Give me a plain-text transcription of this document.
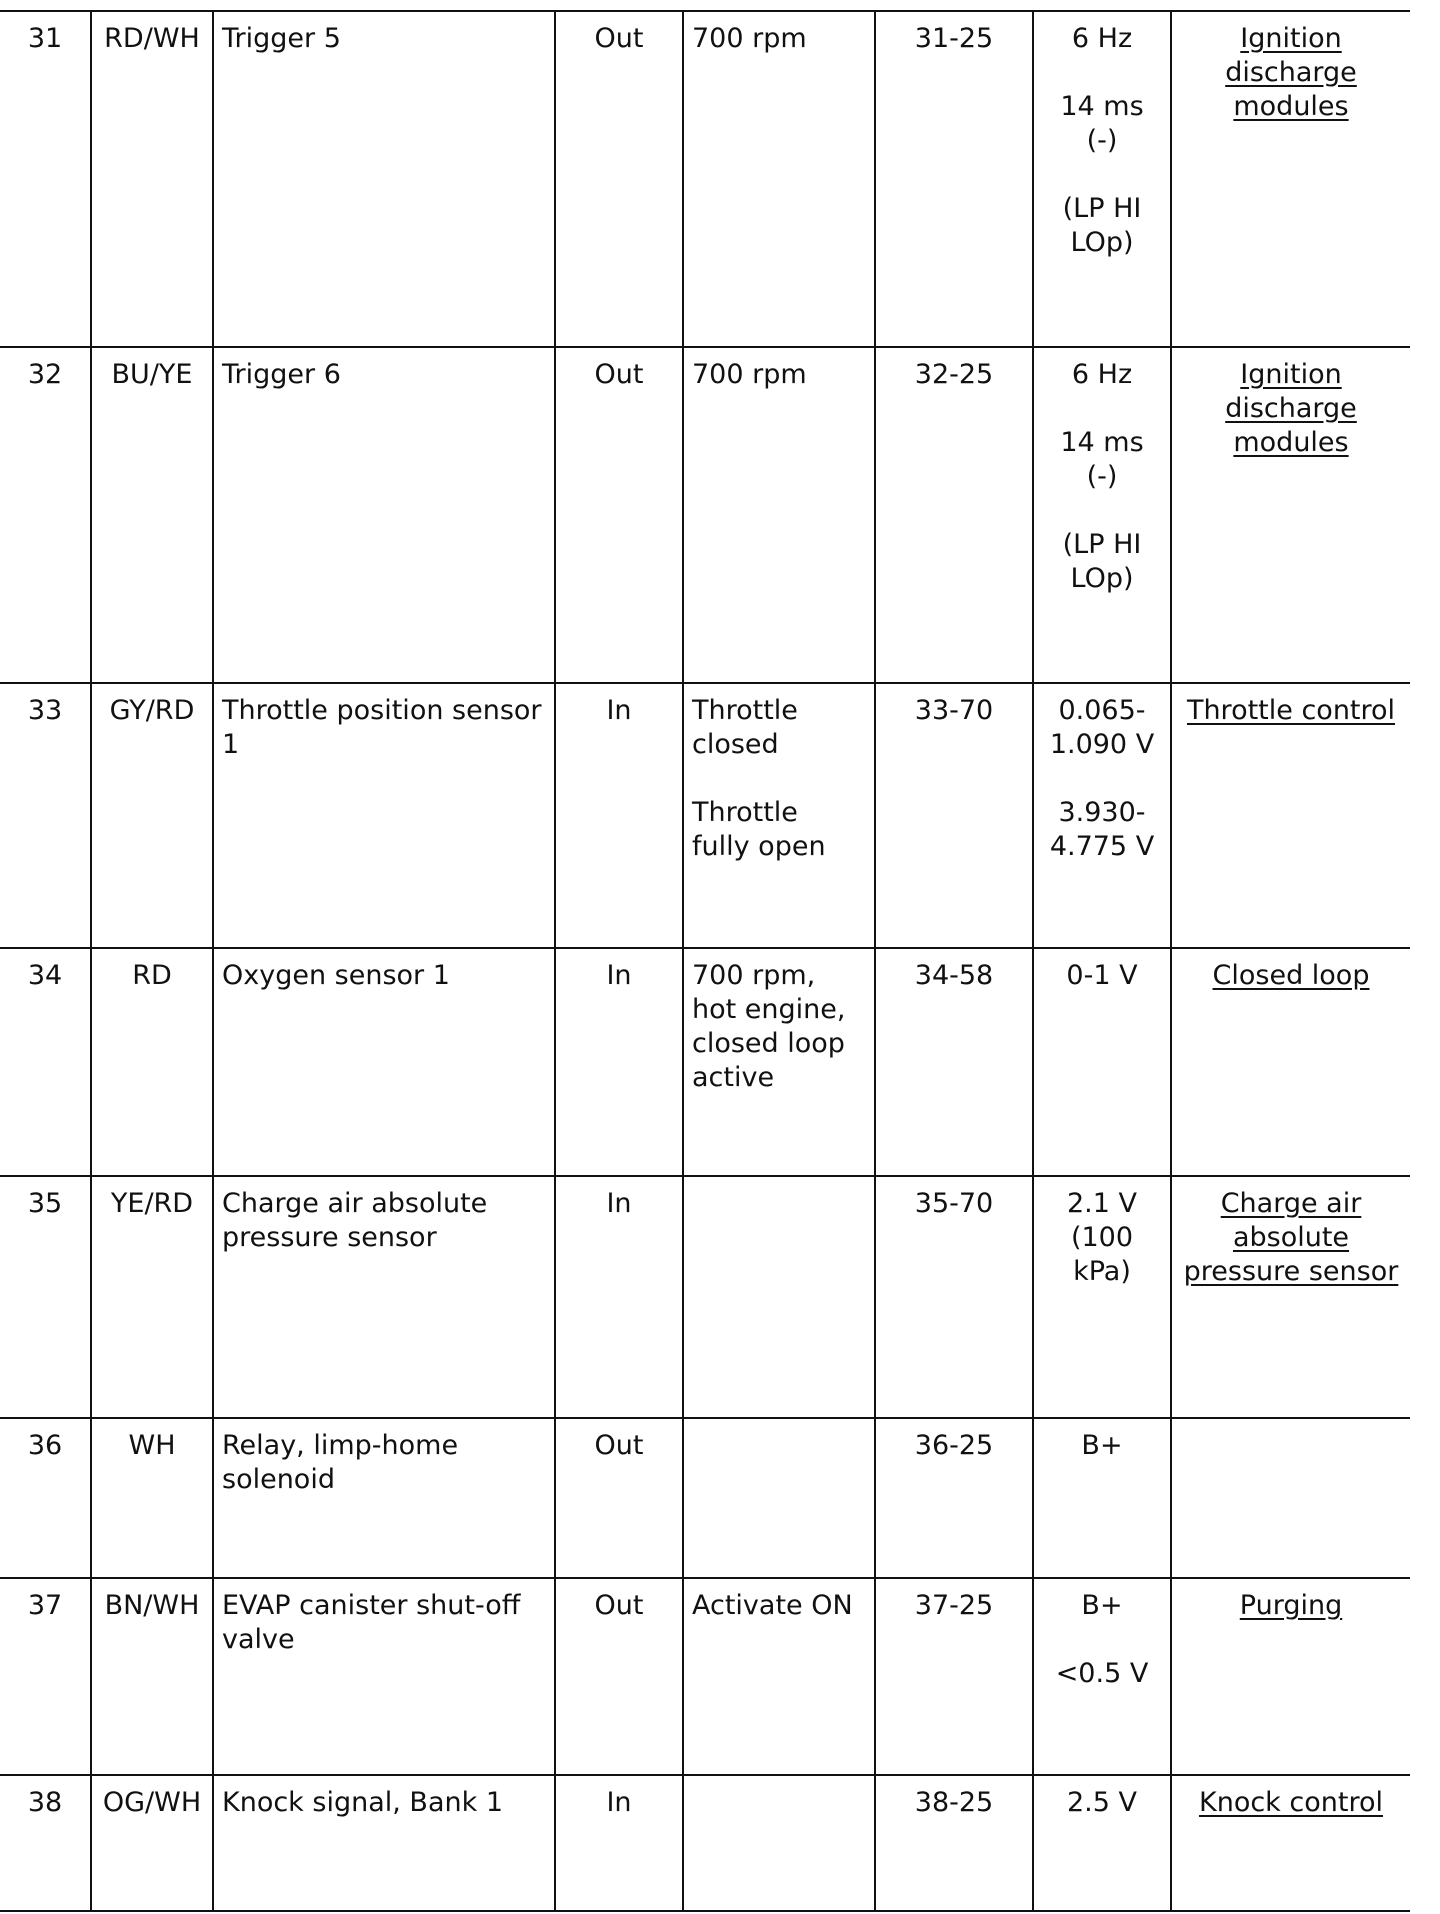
31	RD/WH	Trigger 5	Out	700 rpm	31-25	6 Hz
14 ms
(-)
(LP HI
LOp)	Ignition discharge modules
32	BU/YE	Trigger 6	Out	700 rpm	32-25	6 Hz
14 ms
(-)
(LP HI
LOp)	Ignition discharge modules
33	GY/RD	Throttle position sensor 1	In	Throttle
closed
Throttle
fully open	33-70	0.065-
1.090 V
3.930-
4.775 V	Throttle control
34	RD	Oxygen sensor 1	In	700 rpm,
hot engine,
closed loop
active	34-58	0-1 V	Closed loop
35	YE/RD	Charge air absolute pressure sensor	In		35-70	2.1 V
(100
kPa)	Charge air absolute pressure sensor
36	WH	Relay, limp-home solenoid	Out		36-25	B+	

37	BN/WH	EVAP canister shut-off valve	Out	Activate ON	37-25	B+
<0.5 V	Purging
38	OG/WH	Knock signal, Bank 1	In		38-25	2.5 V	Knock control
